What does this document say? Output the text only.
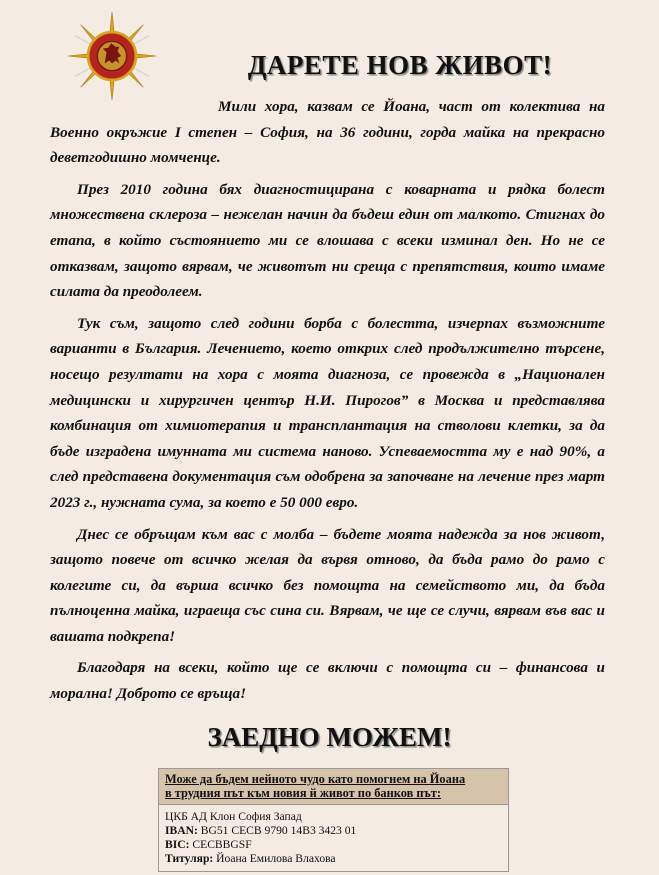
ДАРЕТЕ НОВ ЖИВОТ!

Мили хора, казвам се Йоана, част от колектива на Военно окръжие I степен – София, на 36 години, горда майка на прекрасно деветгодишно момченце.

През 2010 година бях диагностицирана с коварната и рядка болест множествена склероза – нежелан начин да бъдеш един от малкото. Стигнах до етапа, в който състоянието ми се влошава с всеки изминал ден. Но не се отказвам, защото вярвам, че животът ни среща с препятствия, които имаме силата да преодолеем.

Тук съм, защото след години борба с болестта, изчерпах възможните варианти в България. Лечението, което открих след продължително търсене, носещо резултати на хора с моята диагноза, се провежда в „Национален медицински и хирургичен център Н.И. Пирогов” в Москва и представлява комбинация от химиотерапия и трансплантация на стволови клетки, за да бъде изградена имунната ми система наново. Успеваемостта му е над 90%, а след представена документация съм одобрена за започване на лечение през март 2023 г., нужната сума, за което е 50 000 евро.

Днес се обръщам към вас с молба – бъдете моята надежда за нов живот, защото повече от всичко желая да вървя отново, да бъда рамо до рамо с колегите си, да върша всичко без помощта на семейството ми, да бъда пълноценна майка, играеща със сина си. Вярвам, че ще се случи, вярвам във вас и вашата подкрепа!

Благодаря на всеки, който ще се включи с помощта си – финансова и морална! Доброто се връща!

ЗАЕДНО МОЖЕМ!
Може да бъдем нейното чудо като помогнем на Йоана
в трудния път към новия й живот по банков път:
ЦКБ АД Клон София Запад
IBAN: BG51 CECB 9790 14B3 3423 01
BIC: CECBBGSF
Титуляр: Йоана Емилова Влахова
